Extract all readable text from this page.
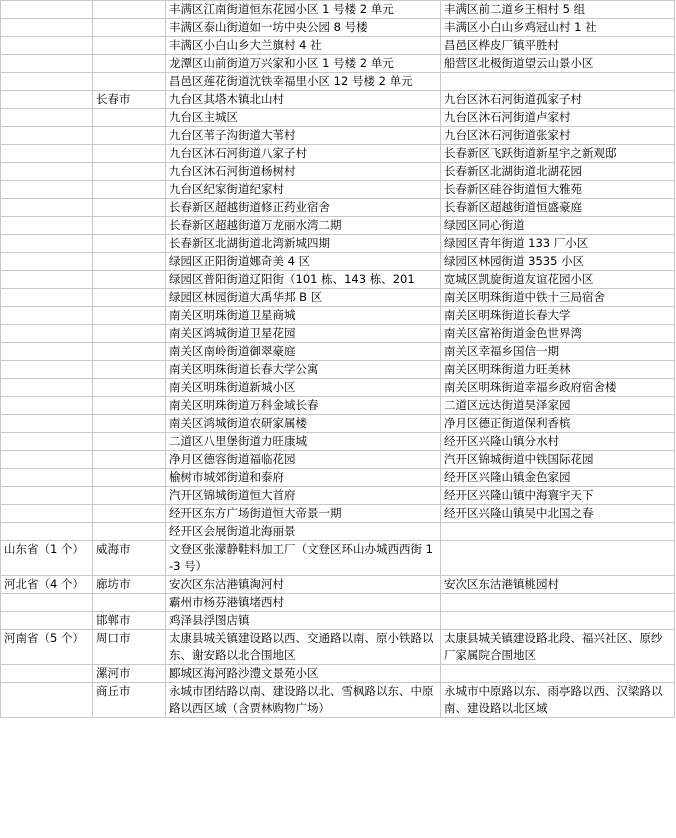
		丰满区江南街道恒东花园小区 1 号楼 2 单元	丰满区前二道乡王相村 5 组
		丰满区泰山街道如一坊中央公园 8 号楼	丰满区小白山乡鸡冠山村 1 社
		丰满区小白山乡大兰旗村 4 社	昌邑区桦皮厂镇平胜村
		龙潭区山前街道万兴家和小区 1 号楼 2 单元	船营区北极街道望云山景小区
		昌邑区莲花街道沈铁幸福里小区 12 号楼 2 单元	
	长春市	九台区其塔木镇北山村	九台区沐石河街道孤家子村
		九台区主城区	九台区沐石河街道卢家村
		九台区苇子沟街道大苇村	九台区沐石河街道张家村
		九台区沐石河街道八家子村	长春新区飞跃街道新星宇之新观邸
		九台区沐石河街道杨树村	长春新区北湖街道北湖花园
		九台区纪家街道纪家村	长春新区硅谷街道恒大雅苑
		长春新区超越街道修正药业宿舍	长春新区超越街道恒盛豪庭
		长春新区超越街道万龙丽水湾二期	绿园区同心街道
		长春新区北湖街道北湾新城四期	绿园区青年街道 133 厂小区
		绿园区正阳街道娜奇美 4 区	绿园区林园街道 3535 小区
		绿园区普阳街道辽阳街（101 栋、143 栋、201	宽城区凯旋街道友谊花园小区
		绿园区林园街道大禹华邦 B 区	南关区明珠街道中铁十三局宿舍
		南关区明珠街道卫星商城	南关区明珠街道长春大学
		南关区鸿城街道卫星花园	南关区富裕街道金色世界湾
		南关区南岭街道御翠豪庭	南关区幸福乡国信一期
		南关区明珠街道长春大学公寓	南关区明珠街道力旺美林
		南关区明珠街道新城小区	南关区明珠街道幸福乡政府宿舍楼
		南关区明珠街道万科金域长春	二道区远达街道昊泽家园
		南关区鸿城街道农研家属楼	净月区德正街道保利香槟
		二道区八里堡街道力旺康城	经开区兴隆山镇分水村
		净月区德容街道福临花园	汽开区锦城街道中铁国际花园
		榆树市城郊街道和泰府	经开区兴隆山镇金色家园
		汽开区锦城街道恒大首府	经开区兴隆山镇中海寰宇天下
		经开区东方广场街道恒大帝景一期	经开区兴隆山镇吴中北国之春
		经开区会展街道北海丽景	
山东省（1 个）	威海市	文登区张濛静鞋料加工厂（文登区环山办城西西街 1-3 号）	
河北省（4 个）	廊坊市	安次区东沽港镇淘河村	安次区东沽港镇桃园村
		霸州市杨芬港镇堵西村	
	邯郸市	鸡泽县浮图店镇	
河南省（5 个）	周口市	太康县城关镇建设路以西、交通路以南、原小铁路以东、谢安路以北合围地区	太康县城关镇建设路北段、福兴社区、原纱厂家属院合围地区
	漯河市	郾城区海河路沙澧文景苑小区	
	商丘市	永城市团结路以南、建设路以北、雪枫路以东、中原路以西区域（含贾林购物广场）	永城市中原路以东、雨亭路以西、汉梁路以南、建设路以北区域
